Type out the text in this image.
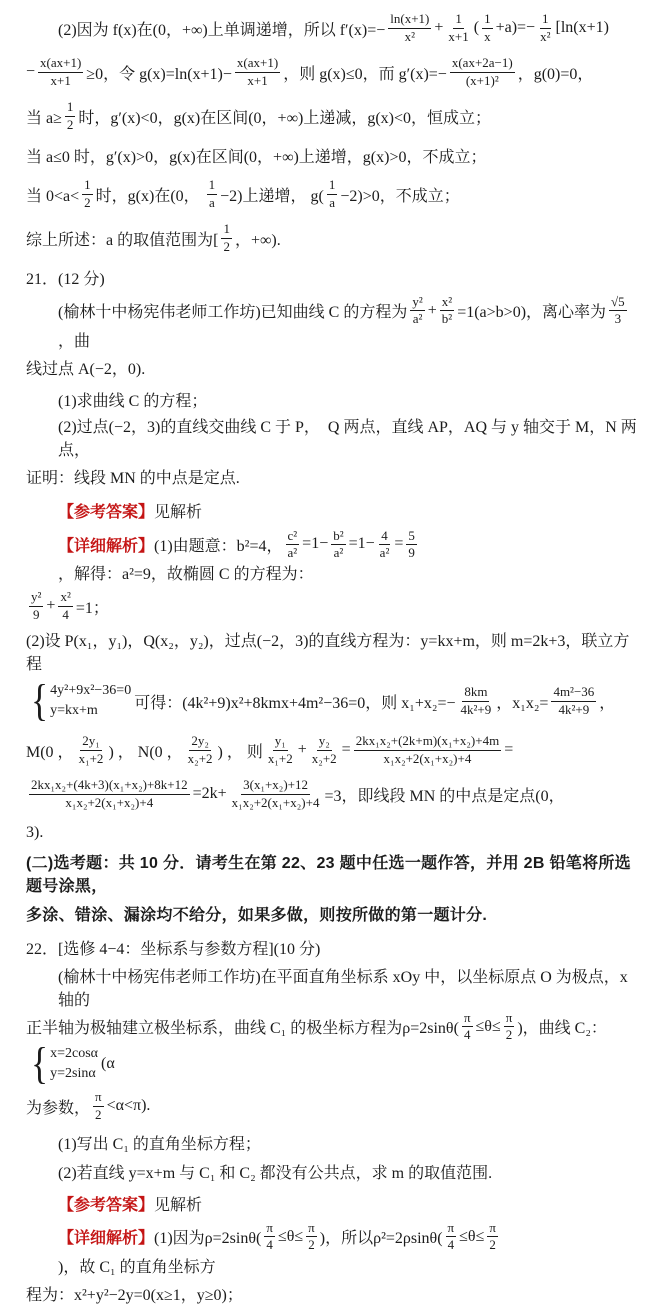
(2)因为 f(x)在(0，+∞)上单调递增，所以 $f'(x)=- \frac{\ln(x+1)}{\text{x²}} + \frac{1}{x+1}$ ( $\frac{1}{x} +a)=- \frac{1}{\text{x²}} [\ln(x+1)$
− $\frac{x(ax+1)}{x+1} \ge 0$，令 $g(x)=\ln(x+1)- \frac{x(ax+1)}{x+1}$ ，则 g(x)≤0，而 $g'(x)=- \frac{x(ax+2a-1)}{\text{(x+1)²}}$ ，g(0)=0，
当 $a\ge \frac{1}{2}$ 时，g′(x)<0，g(x)在区间(0，+∞)上递减，g(x)<0，恒成立；
当 a≤0 时，g′(x)>0，g(x)在区间(0，+∞)上递增，g(x)>0，不成立；
当 $0<a< \frac{1}{2}$ 时，g(x)在(0， $\frac{1}{a} -2$)上递增， $g( \frac{1}{a} -2)>0$，不成立；
综上所述：a 的取值范围为[ $\frac{1}{2}$ ，+∞).
21．(12 分)
(榆林十中杨宪伟老师工作坊)已知曲线 C 的方程为 $\frac{\text{y²}}{\text{a²}} + \frac{\text{x²}}{\text{b²}} =1(a>b>0)$，离心率为 $\frac{√5}{3}$
，曲
线过点 A(−2，0).
(1)求曲线 C 的方程；
(2)过点(−2，3)的直线交曲线 C 于 P，  Q 两点，直线 AP，AQ 与 y 轴交于 M，N 两点，
证明：线段 MN 的中点是定点.
【参考答案】 见解析
【详细解析】 (1)由题意：b²=4， $\frac{\text{c²}}{\text{a²}} =1- \frac{\text{b²}}{\text{a²}} =1- \frac{4}{\text{a²}} = \frac{5}{9}$
，解得：a²=9，故椭圆 C 的方程为：
$\frac{\text{y²}}{9} + \frac{\text{x²}}{4} =1$；
(2)设 P(x₁，y₁)，Q(x₂，y₂)，过点(−2，3)的直线方程为：y=kx+m，则 m=2k+3，联立方程
{ 4y²+9x²−36=0
y=kx+m	可得：(4k²+9)x²+8kmx+4m²−36=0，则 $x_1+x_2=- \frac{8km}{\text{4k²+9}}$ ，$x_1x_2= \frac{\text{4m²−36}}{\text{4k²+9}}$ ，
M(0 ， $\frac{\text{2y₁}}{\text{x₁+2}}$ ) ， N(0 ， $\frac{\text{2y₂}}{\text{x₂+2}}$ ) ， 则 $\frac{\text{y₁}}{\text{x₁+2}} + \frac{\text{y₂}}{\text{x₂+2}} = \frac{\text{2kx₁x₂+(2k+m)(x₁+x₂)+4m}}{\text{x₁x₂+2(x₁+x₂)+4}}$ =
$\frac{\text{2kx₁x₂+(4k+3)(x₁+x₂)+8k+12}}{\text{x₁x₂+2(x₁+x₂)+4}} =2k+ \frac{\text{3(x₁+x₂)+12}}{\text{x₁x₂+2(x₁+x₂)+4}} =3$，即线段 MN 的中点是定点(0，
3).
(二)选考题：共 10 分．请考生在第 22、23 题中任选一题作答，并用 2B 铅笔将所选题号涂黑，
多涂、错涂、漏涂均不给分，如果多做，则按所做的第一题计分.
22．[选修 4−4：坐标系与参数方程](10 分)
(榆林十中杨宪伟老师工作坊)在平面直角坐标系 xOy 中，以坐标原点 O 为极点，x 轴的
正半轴为极轴建立极坐标系，曲线 C₁ 的极坐标方程为$\rho=2\sin\theta( \frac{\pi}{4} \le\theta\le \frac{\pi}{2}$ )，曲线 C₂：
{ x=2cosα
y=2sinα
(α
为参数， $\frac{\pi}{2} <\alpha<\pi$).
(1)写出 C₁ 的直角坐标方程；
(2)若直线 y=x+m 与 C₁ 和 C₂ 都没有公共点，求 m 的取值范围.
【参考答案】 见解析
【详细解析】 (1)因为$\rho=2\sin\theta( \frac{\pi}{4} \le\theta\le \frac{\pi}{2}$ )，所以$\rho^2=2\rho\sin\theta( \frac{\pi}{4} \le\theta\le \frac{\pi}{2}$
)，故 C₁ 的直角坐标方
程为：x²+y²−2y=0(x≥1，y≥0)；
